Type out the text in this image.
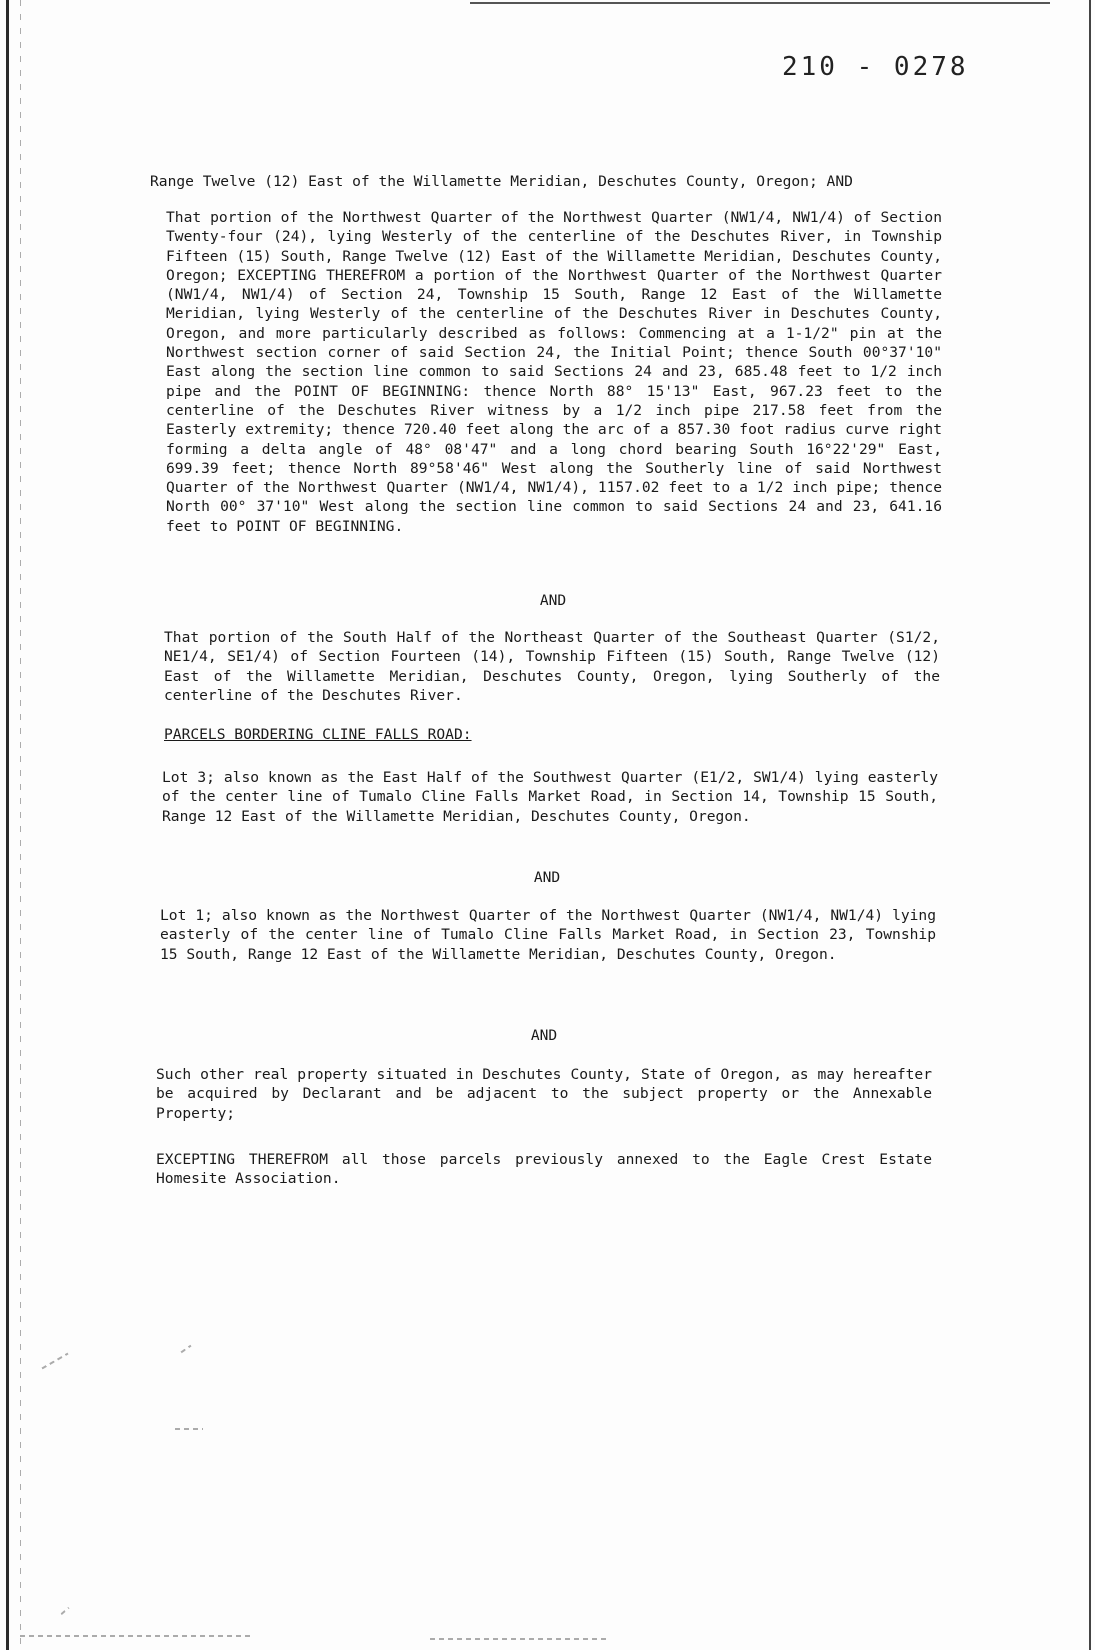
210 - 0278
Range Twelve (12) East of the Willamette Meridian, Deschutes County, Oregon; AND
That portion of the Northwest Quarter of the Northwest Quarter (NW1/4, NW1/4) of Section Twenty-four (24), lying Westerly of the centerline of the Deschutes River, in Township Fifteen (15) South, Range Twelve (12) East of the Willamette Meridian, Deschutes County, Oregon; EXCEPTING THEREFROM a portion of the Northwest Quarter of the Northwest Quarter (NW1/4, NW1/4) of Section 24, Township 15 South, Range 12 East of the Willamette Meridian, lying Westerly of the centerline of the Deschutes River in Deschutes County, Oregon, and more particularly described as follows: Commencing at a 1-1/2" pin at the Northwest section corner of said Section 24, the Initial Point; thence South 00°37'10" East along the section line common to said Sections 24 and 23, 685.48 feet to 1/2 inch pipe and the POINT OF BEGINNING: thence North 88° 15'13" East, 967.23 feet to the centerline of the Deschutes River witness by a 1/2 inch pipe 217.58 feet from the Easterly extremity; thence 720.40 feet along the arc of a 857.30 foot radius curve right forming a delta angle of 48° 08'47" and a long chord bearing South 16°22'29" East, 699.39 feet; thence North 89°58'46" West along the Southerly line of said Northwest Quarter of the Northwest Quarter (NW1/4, NW1/4), 1157.02 feet to a 1/2 inch pipe; thence North 00° 37'10" West along the section line common to said Sections 24 and 23, 641.16 feet to POINT OF BEGINNING.
AND
That portion of the South Half of the Northeast Quarter of the Southeast Quarter (S1/2, NE1/4, SE1/4) of Section Fourteen (14), Township Fifteen (15) South, Range Twelve (12) East of the Willamette Meridian, Deschutes County, Oregon, lying Southerly of the centerline of the Deschutes River.
PARCELS BORDERING CLINE FALLS ROAD:
Lot 3; also known as the East Half of the Southwest Quarter (E1/2, SW1/4) lying easterly of the center line of Tumalo Cline Falls Market Road, in Section 14, Township 15 South, Range 12 East of the Willamette Meridian, Deschutes County, Oregon.
AND
Lot 1; also known as the Northwest Quarter of the Northwest Quarter (NW1/4, NW1/4) lying easterly of the center line of Tumalo Cline Falls Market Road, in Section 23, Township 15 South, Range 12 East of the Willamette Meridian, Deschutes County, Oregon.
AND
Such other real property situated in Deschutes County, State of Oregon, as may hereafter be acquired by Declarant and be adjacent to the subject property or the Annexable Property;
EXCEPTING THEREFROM all those parcels previously annexed to the Eagle Crest Estate Homesite Association.
